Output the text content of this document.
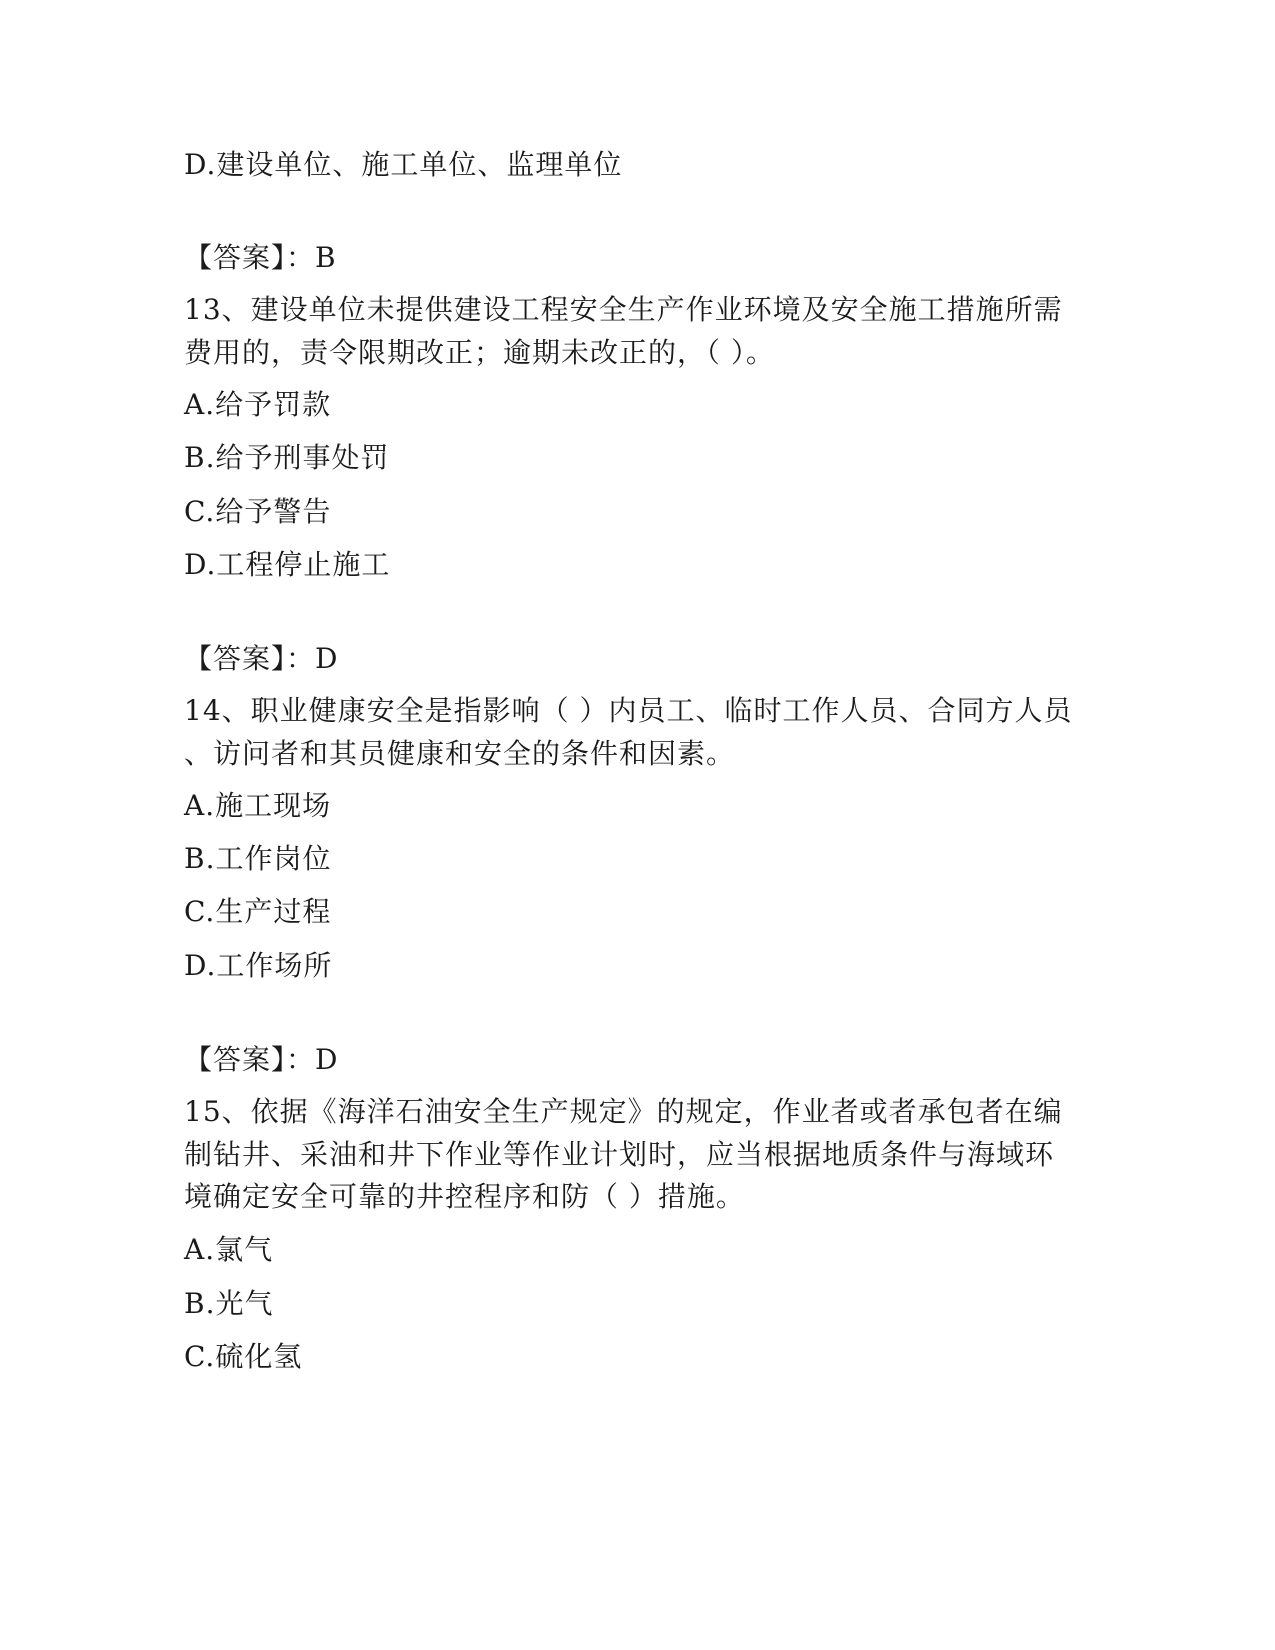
D.建设单位、施工单位、监理单位
【答案】：B
13、建设单位未提供建设工程安全生产作业环境及安全施工措施所需
费用的，责令限期改正；逾期未改正的，（ ）。
A.给予罚款
B.给予刑事处罚
C.给予警告
D.工程停止施工
【答案】：D
14、职业健康安全是指影响（ ）内员工、临时工作人员、合同方人员
、访问者和其员健康和安全的条件和因素。
A.施工现场
B.工作岗位
C.生产过程
D.工作场所
【答案】：D
15、依据《海洋石油安全生产规定》的规定，作业者或者承包者在编
制钻井、采油和井下作业等作业计划时，应当根据地质条件与海域环
境确定安全可靠的井控程序和防（ ）措施。
A.氯气
B.光气
C.硫化氢
